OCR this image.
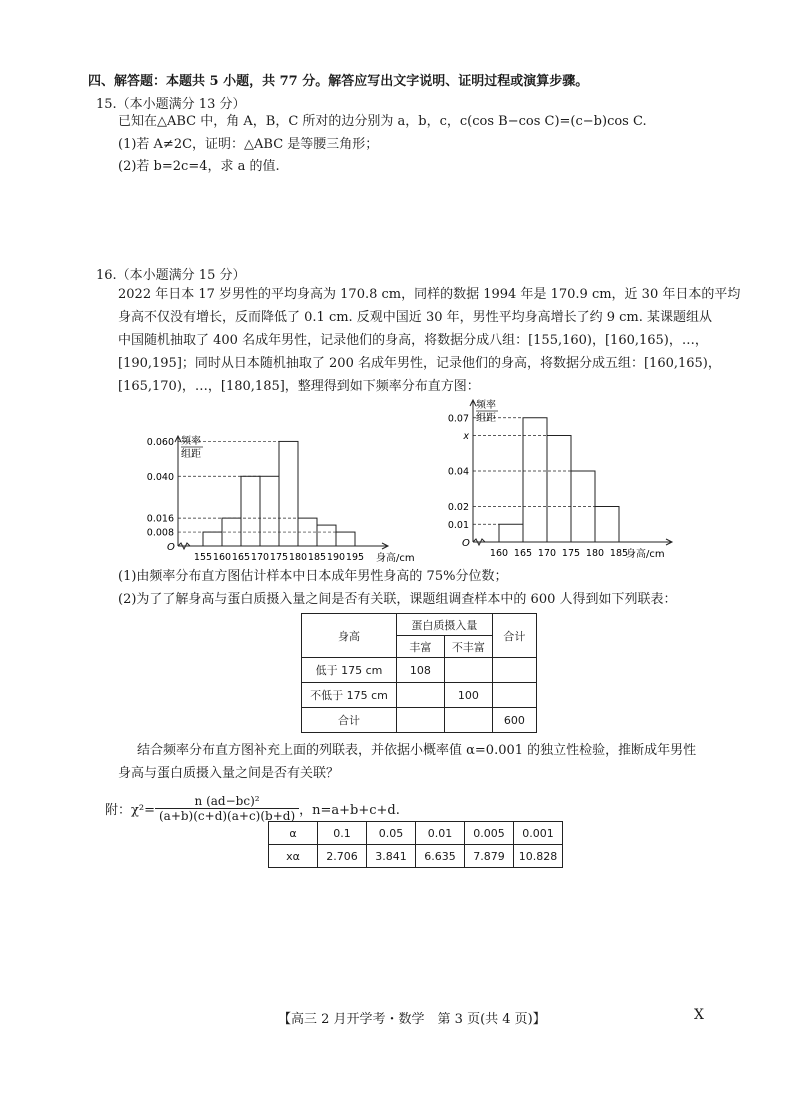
四、解答题：本题共 5 小题，共 77 分。解答应写出文字说明、证明过程或演算步骤。
15.（本小题满分 13 分）
已知在△ABC 中，角 A，B，C 所对的边分别为 a，b，c，c(cos B−cos C)=(c−b)cos C.
(1)若 A≠2C，证明：△ABC 是等腰三角形；
(2)若 b=2c=4，求 a 的值.
16.（本小题满分 15 分）
2022 年日本 17 岁男性的平均身高为 170.8 cm，同样的数据 1994 年是 170.9 cm，近 30 年日本的平均
身高不仅没有增长，反而降低了 0.1 cm. 反观中国近 30 年，男性平均身高增长了约 9 cm. 某课题组从
中国随机抽取了 400 名成年男性，记录他们的身高，将数据分成八组：[155,160)，[160,165)，…，
[190,195]；同时从日本随机抽取了 200 名成年男性，记录他们的身高，将数据分成五组：[160,165)，
[165,170)，…，[180,185]，整理得到如下频率分布直方图：
频率
组距
O
0.060
0.040
0.016
0.008
155 160 165 170 175 180 185 190 195 身高/cm
频率
组距
O
0.07
x
0.04
0.02
0.01
160 165 170 175 180 185
身高/cm
(1)由频率分布直方图估计样本中日本成年男性身高的 75%分位数；
(2)为了了解身高与蛋白质摄入量之间是否有关联，课题组调查样本中的 600 人得到如下列联表：
身高	蛋白质摄入量		合计
	丰富	不丰富	
低于 175 cm	108		
不低于 175 cm		100	
合计			600
结合频率分布直方图补充上面的列联表，并依据小概率值 α=0.001 的独立性检验，推断成年男性
身高与蛋白质摄入量之间是否有关联？
附：$\chi^2= \frac{\text{n (ad−bc)²}}{(a+b)(c+d)(a+c)(b+d)}$ ，n=a+b+c+d.
α	0.1	0.05	0.01	0.005	0.001
xα	2.706	3.841	6.635	7.879	10.828
【高三 2 月开学考・数学　第 3 页(共 4 页)】	X
